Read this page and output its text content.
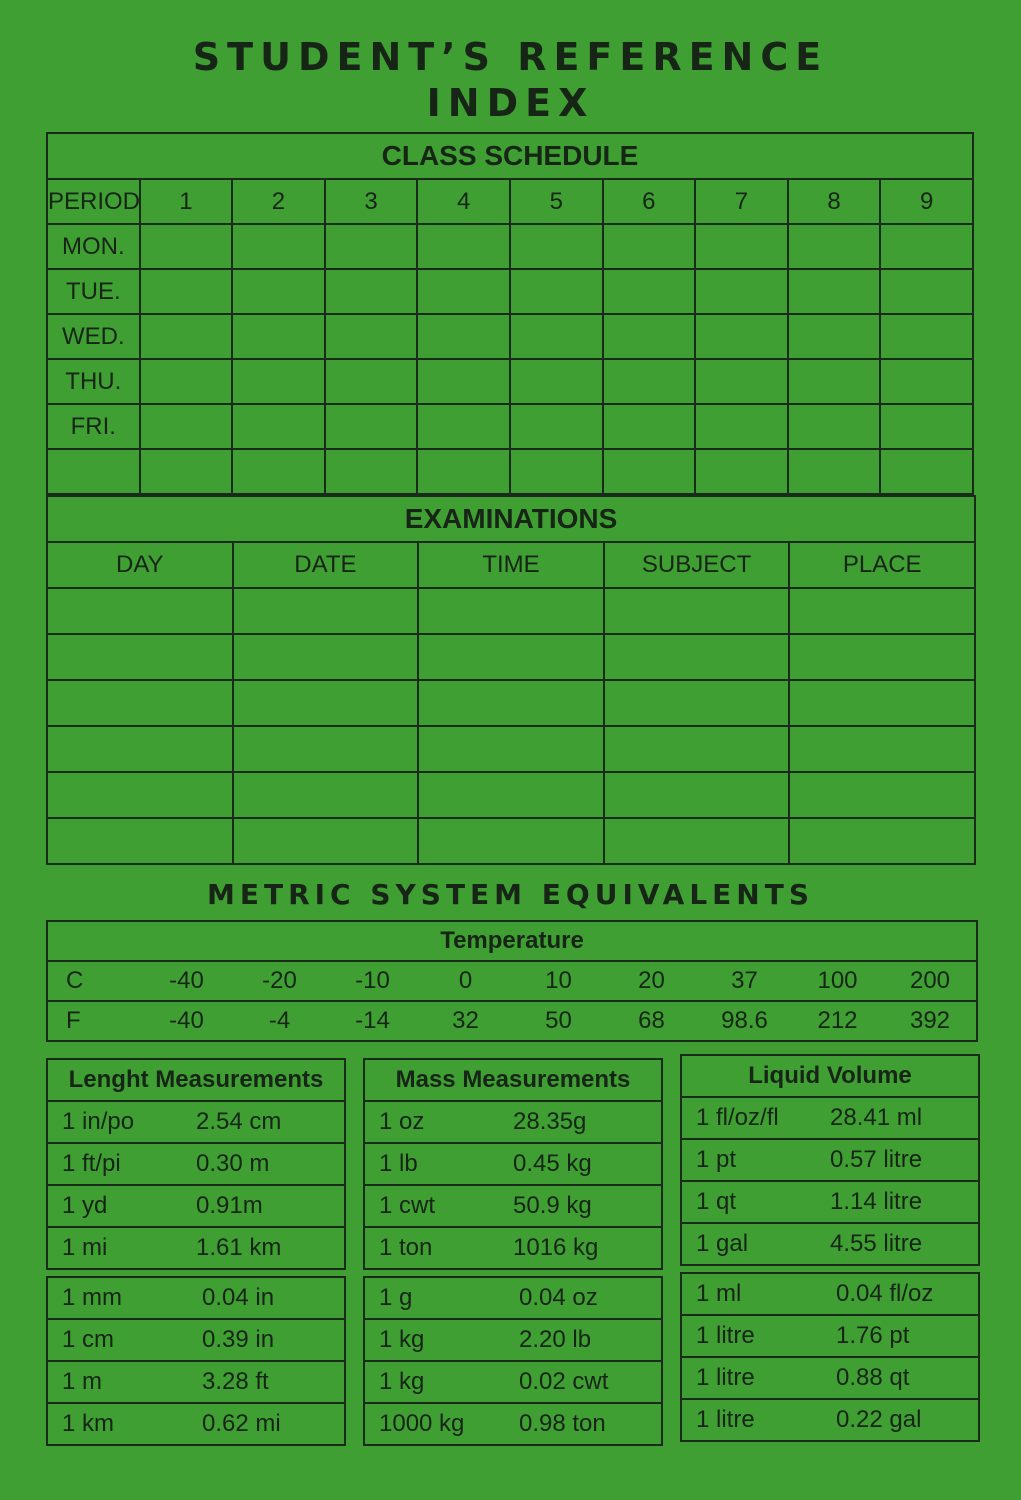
STUDENT’S REFERENCE
INDEX
CLASS SCHEDULE									
PERIOD	1	2	3	4	5	6	7	8	9
MON.									
TUE.									
WED.									
THU.									
FRI.									

EXAMINATIONS				
DAY	DATE	TIME	SUBJECT	PLACE

METRIC SYSTEM EQUIVALENTS
Temperature									
C	-40	-20	-10	0	10	20	37	100	200
F	-40	-4	-14	32	50	68	98.6	212	392
Lenght Measurements	
1 in/po	2.54 cm
1 ft/pi	0.30 m
1 yd	0.91m
1 mi	1.61 km
1 mm	0.04 in
1 cm	0.39 in
1 m	3.28 ft
1 km	0.62 mi
Mass Measurements	
1 oz	28.35g
1 lb	0.45 kg
1 cwt	50.9 kg
1 ton	1016 kg
1 g	0.04 oz
1 kg	2.20 lb
1 kg	0.02 cwt
1000 kg	0.98 ton
Liquid Volume	
1 fl/oz/fl	28.41 ml
1 pt	0.57 litre
1 qt	1.14 litre
1 gal	4.55 litre
1 ml	0.04 fl/oz
1 litre	1.76 pt
1 litre	0.88 qt
1 litre	0.22 gal
